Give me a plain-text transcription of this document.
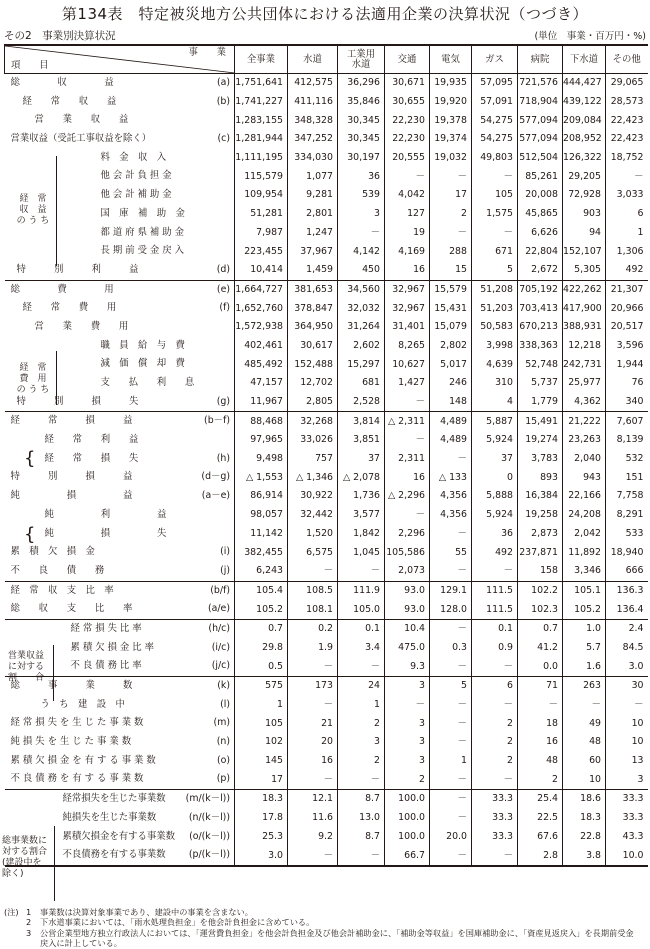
第134表　特定被災地方公共団体における法適用企業の決算状況（つづき）
その2　事業別決算状況	(単位　事業・百万円・%)
事　　業
項　　目	全事業	水道	工業用水道	交通	電気	ガス	病院	下水道	その他

総　　　　収　　　　益 (a)	1,751,641	412,575	36,296	30,671	19,935	57,095	721,576	444,427	29,065

経　　常　　収　　益 (b)	1,741,227	411,116	35,846	30,655	19,920	57,091	718,904	439,122	28,573

営　　業　　収　　益	1,283,155	348,328	30,345	22,230	19,378	54,275	577,094	209,084	22,423

営業収益（受託工事収益を除く） (c)	1,281,944	347,252	30,345	22,230	19,374	54,275	577,094	208,952	22,423

料　金　収　入	1,111,195	334,030	30,197	20,555	19,032	49,803	512,504	126,322	18,752

他 会 計 負 担 金	115,579	1,077	36	－	－	－	85,261	29,205	－

他 会 計 補 助 金	109,954	9,281	539	4,042	17	105	20,008	72,928	3,033

国　庫　補　助　金	51,281	2,801	3	127	2	1,575	45,865	903	6

都 道 府 県 補 助 金	7,987	1,247	－	19	－	－	6,626	94	1

長 期 前 受 金 戻 入	223,455	37,967	4,142	4,169	288	671	22,804	152,107	1,306

特　　　別　　　利　　　益 (d)	10,414	1,459	450	16	15	5	2,672	5,305	492

総　　　　費　　　　用 (e)	1,664,727	381,653	34,560	32,967	15,579	51,208	705,192	422,262	21,307

経　　常　　費　　用 (f)	1,652,760	378,847	32,032	32,967	15,431	51,203	703,413	417,900	20,966

営　　業　　費　　用	1,572,938	364,950	31,264	31,401	15,079	50,583	670,213	388,931	20,517

職　員　給　与　費	402,461	30,617	2,602	8,265	2,802	3,998	338,363	12,218	3,596

減　価　償　却　費	485,492	152,488	15,297	10,627	5,017	4,639	52,748	242,731	1,944

支　　払　　利　　息	47,157	12,702	681	1,427	246	310	5,737	25,977	76

特　　　別　　　損　　　失 (g)	11,967	2,805	2,528	－	148	4	1,779	4,362	340

経　　　常　　　損　　　益 (b－f)	88,468	32,268	3,814	△ 2,311	4,489	5,887	15,491	21,222	7,607

経　　常　　利　　益	97,965	33,026	3,851	－	4,489	5,924	19,274	23,263	8,139

経　　常　　損　　失 (h)	9,498	757	37	2,311	－	37	3,783	2,040	532

特　　　別　　　損　　　益 (d－g)	△ 1,553	△ 1,346	△ 2,078	16	△ 133	0	893	943	151

純　　　　　損　　　　　益 (a－e)	86,914	30,922	1,736	△ 2,296	4,356	5,888	16,384	22,166	7,758

純　　　　　利　　　　　益	98,057	32,442	3,577	－	4,356	5,924	19,258	24,208	8,291

純　　　　　損　　　　　失	11,142	1,520	1,842	2,296	－	36	2,873	2,042	533

累　積　欠　損　金 (i)	382,455	6,575	1,045	105,586	55	492	237,871	11,892	18,940

不　　良　　債　　務 (j)	6,243	－	－	2,073	－	－	158	3,346	666

経　常　収　支　比　率 (b/f)	105.4	108.5	111.9	93.0	129.1	111.5	102.2	105.1	136.3

総　　収　　支　　比　　率 (a/e)	105.2	108.1	105.0	93.0	128.0	111.5	102.3	105.2	136.4

経 常 損 失 比 率 (h/c)	0.7	0.2	0.1	10.4	－	0.1	0.7	1.0	2.4

累 積 欠 損 金 比 率 (i/c)	29.8	1.9	3.4	475.0	0.3	0.9	41.2	5.7	84.5

不 良 債 務 比 率 (j/c)	0.5	－	－	9.3	－	－	0.0	1.6	3.0

総　　　事　　　業　　　数 (k)	575	173	24	3	5	6	71	263	30

う　ち　建　設　中 (l)	1	－	1	－	－	－	－	－	－

経 常 損 失 を 生 じ た 事 業 数 (m)	105	21	2	3	－	2	18	49	10

純 損 失 を 生 じ た 事 業 数 (n)	102	20	3	3	－	2	16	48	10

累 積 欠 損 金 を 有 す る 事 業 数 (o)	145	16	2	3	1	2	48	60	13

不 良 債 務 を 有 す る 事 業 数 (p)	17	－	－	2	－	－	2	10	3

経常損失を生じた事業数 (m/(k－l))	18.3	12.1	8.7	100.0	－	33.3	25.4	18.6	33.3

純損失を生じた事業数 (n/(k－l))	17.8	11.6	13.0	100.0	－	33.3	22.5	18.3	33.3

累積欠損金を有する事業数 (o/(k－l))	25.3	9.2	8.7	100.0	20.0	33.3	67.6	22.8	43.3

不良債務を有する事業数 (p/(k－l))	3.0	－	－	66.7	－	－	2.8	3.8	10.0
経　常
収　益
の う ち
経　常
費　用
の う ち
{
{
営業収益
に対する
割　　合
総事業数に
対する割合
(建設中を
除く)
(注) 1	事業数は決算対象事業であり、建設中の事業を含まない。
2	下水道事業においては、「雨水処理負担金」を他会計負担金に含めている。
3	公営企業型地方独立行政法人においては、「運営費負担金」を他会計負担金及び他会計補助金に、「補助金等収益」を国庫補助金に、「資産見返戻入」を長期前受金
戻入に計上している。
